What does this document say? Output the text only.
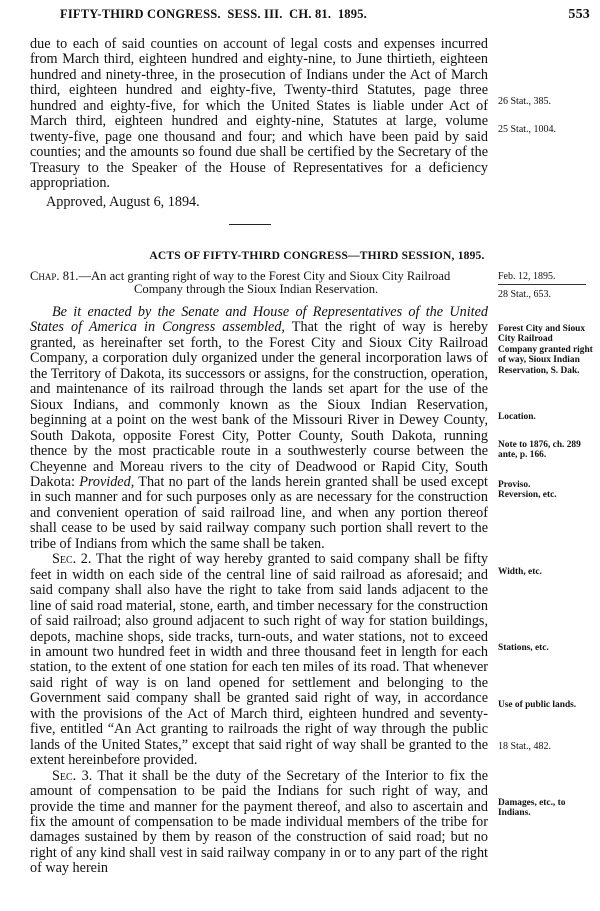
FIFTY-THIRD CONGRESS.  SESS. III.  CH. 81.  1895.	553

due to each of said counties on account of legal costs and expenses incurred from March third, eighteen hundred and eighty-nine, to June thirtieth, eighteen hundred and ninety-three, in the prosecution of Indians under the Act of March third, eighteen hundred and eighty-five, Twenty-third Statutes, page three hundred and eighty-five, for which the United States is liable under Act of March third, eighteen hundred and eighty-nine, Statutes at large, volume twenty-five, page one thousand and four; and which have been paid by said counties; and the amounts so found due shall be certified by the Secretary of the Treasury to the Speaker of the House of Representatives for a deficiency appropriation.

Approved, August 6, 1894.
ACTS OF FIFTY-THIRD CONGRESS—THIRD SESSION, 1895.
Chap. 81.—An act granting right of way to the Forest City and Sioux City Railroad
Company through the Sioux Indian Reservation.

Be it enacted by the Senate and House of Representatives of the United States of America in Congress assembled, That the right of way is hereby granted, as hereinafter set forth, to the Forest City and Sioux City Railroad Company, a corporation duly organized under the general incorporation laws of the Territory of Dakota, its successors or assigns, for the construction, operation, and maintenance of its railroad through the lands set apart for the use of the Sioux Indians, and commonly known as the Sioux Indian Reservation, beginning at a point on the west bank of the Missouri River in Dewey County, South Dakota, opposite Forest City, Potter County, South Dakota, running thence by the most practicable route in a southwesterly course between the Cheyenne and Moreau rivers to the city of Deadwood or Rapid City, South Dakota: Provided, That no part of the lands herein granted shall be used except in such manner and for such purposes only as are necessary for the construction and convenient operation of said railroad line, and when any portion thereof shall cease to be used by said railway company such portion shall revert to the tribe of Indians from which the same shall be taken.

Sec. 2. That the right of way hereby granted to said company shall be fifty feet in width on each side of the central line of said railroad as aforesaid; and said company shall also have the right to take from said lands adjacent to the line of said road material, stone, earth, and timber necessary for the construction of said railroad; also ground adjacent to such right of way for station buildings, depots, machine shops, side tracks, turn-outs, and water stations, not to exceed in amount two hundred feet in width and three thousand feet in length for each station, to the extent of one station for each ten miles of its road. That whenever said right of way is on land opened for settlement and belonging to the Government said company shall be granted said right of way, in accordance with the provisions of the Act of March third, eighteen hundred and seventy-five, entitled “An Act granting to railroads the right of way through the public lands of the United States,” except that said right of way shall be granted to the extent hereinbefore provided.

Sec. 3. That it shall be the duty of the Secretary of the Interior to fix the amount of compensation to be paid the Indians for such right of way, and provide the time and manner for the payment thereof, and also to ascertain and fix the amount of compensation to be made individual members of the tribe for damages sustained by them by reason of the construction of said road; but no right of any kind shall vest in said railway company in or to any part of the right of way herein

26 Stat., 385.
25 Stat., 1004.
Feb. 12, 1895.
28 Stat., 653.
Forest City and Sioux City Railroad Company granted right of way, Sioux Indian Reservation, S. Dak.
Location.
Note to 1876, ch. 289 ante, p. 166.
Proviso.
Reversion, etc.
Width, etc.
Stations, etc.
Use of public lands.
18 Stat., 482.
Damages, etc., to Indians.
